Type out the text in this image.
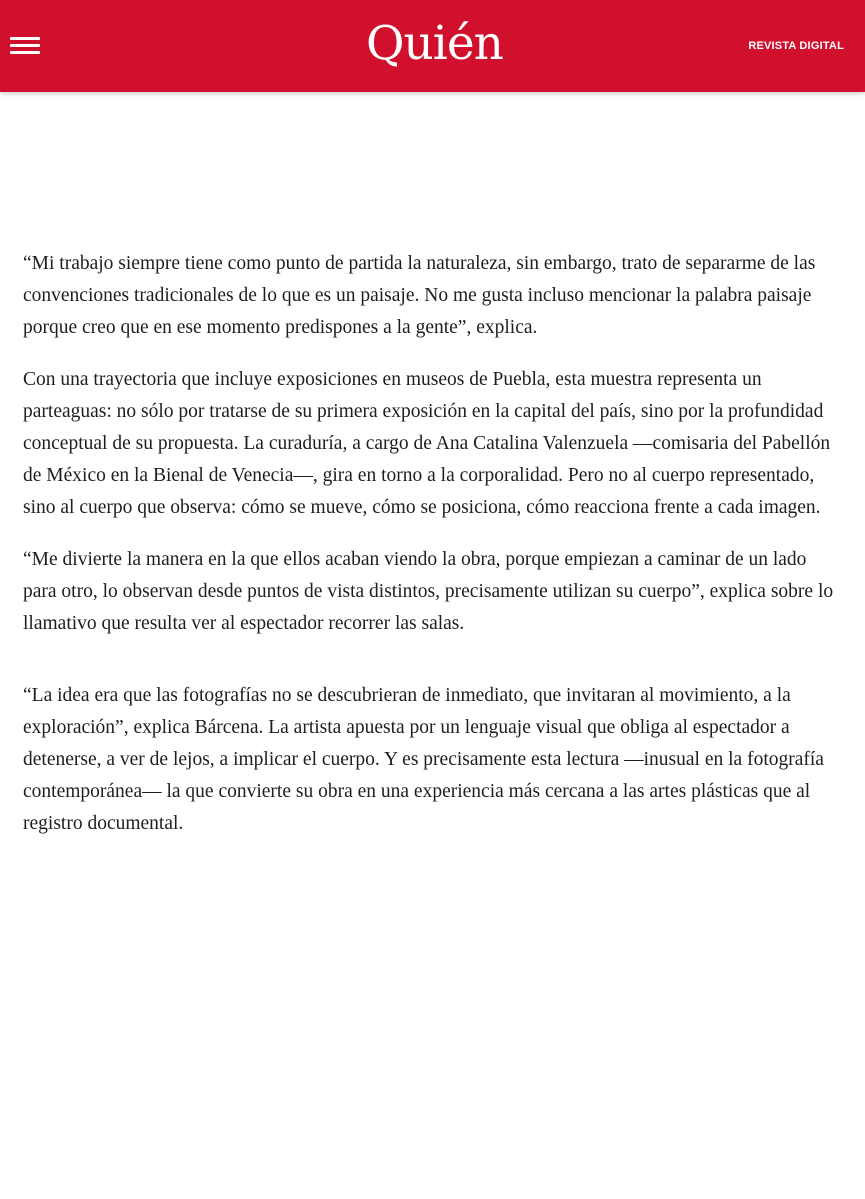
Quién	REVISTA DIGITAL

“Mi trabajo siempre tiene como punto de partida la naturaleza, sin embargo, trato de separarme de las convenciones tradicionales de lo que es un paisaje. No me gusta incluso mencionar la palabra paisaje porque creo que en ese momento predispones a la gente”, explica.

Con una trayectoria que incluye exposiciones en museos de Puebla, esta muestra representa un parteaguas: no sólo por tratarse de su primera exposición en la capital del país, sino por la profundidad conceptual de su propuesta. La curaduría, a cargo de Ana Catalina Valenzuela —comisaria del Pabellón de México en la Bienal de Venecia—, gira en torno a la corporalidad. Pero no al cuerpo representado, sino al cuerpo que observa: cómo se mueve, cómo se posiciona, cómo reacciona frente a cada imagen.

“Me divierte la manera en la que ellos acaban viendo la obra, porque empiezan a caminar de un lado para otro, lo observan desde puntos de vista distintos, precisamente utilizan su cuerpo”, explica sobre lo llamativo que resulta ver al espectador recorrer las salas.

“La idea era que las fotografías no se descubrieran de inmediato, que invitaran al movimiento, a la exploración”, explica Bárcena. La artista apuesta por un lenguaje visual que obliga al espectador a detenerse, a ver de lejos, a implicar el cuerpo. Y es precisamente esta lectura —inusual en la fotografía contemporánea— la que convierte su obra en una experiencia más cercana a las artes plásticas que al registro documental.
